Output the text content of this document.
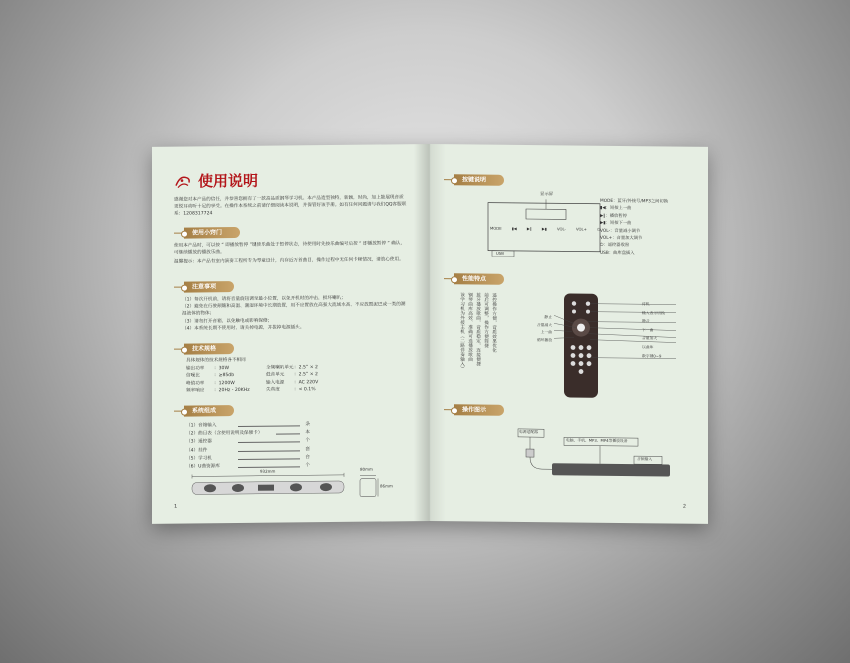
使用说明
感谢您对本产品的信任，并恭喜您拥有了一款高品质钢琴学习机。本产品造型独特，新颖，时尚，加上能展现音质更悦耳动听十足的享受。在操作本系统之前请仔细阅读本说明，并保管好该手册。如有任何问题请与我们QQ客服联系：1208317724
使用小窍门
使用本产品时，可以按 “ 即播放暂停 ”键使乐曲处于暂停状态，待使用时先按乐曲编号后按 “ 即播放暂停 ” 确认，可继续播放的播放乐曲。
温馨提示：本产品有室内演奏工程所专为琴童设计，内存近万首曲目，操作过程中无任何卡顿情况，请放心使用。
注意事项
（1）每次开机前，请将音量旋钮调至最小位置，以免开机时的冲击，损坏喇叭；
（2）避免在行驶颠簸和高温、潮湿环境中长期放置，用不应置放在高强大流域水高、不应放置泥巴或一类的潮湿液体的物体；
（3）请勿打开音箱，以免触电或影响保修；
（4）本系统长期不使用时，请关掉电源，并拔掉电源插头。
技术规格
具体规体的技术规格各不相同
输出功率	：30W	全频喇叭单元 ：2.5” × 2
信噪比	：≥85db	低音单元	：2.5” × 2
峰值功率	：1200W	输入电源	：AC 220V
频率响应	：20Hz - 20KHz	失真度	：< 0.1%
系统组成
（1）音箱输入	条
（2）曲目表（含使用说明及保修卡）	本
（3）遥控器	个
（4）挂件	套
（5）学习机	台
（6）U曲资源库	个
932mm	80mm
86mm
1
按键说明
显示屏
MODE	▮◀	▶‖	▶▮	VOL-	VOL+	⏻
USB
MODE：蓝牙/外接号/MP3之间切换
▮◀：短按上一曲
▶‖：播放暂停
▶▮：短按下一曲
VOL-：音量减小调节
VOL+：音量加大调节
⏻：遥控器收窗
USB：曲库盘插入
性能特点
该学习机为外接主机（二路伴奏输入） 钢琴曲库高效、准确可选播放歌曲 蓝牙播放歌曲，音质稳定，连接便捷 前后可调整，操作方便简捷 遥控操作方便，音质效果优化	静止
音量减大
上一曲
循环播放
待机
输入表示切换
静音
下一曲
音量加大
以曲库
数字键0~9
操作图示
电源适配器
电脑、手机、MP3、MP4等播放设备
音频输入
2
